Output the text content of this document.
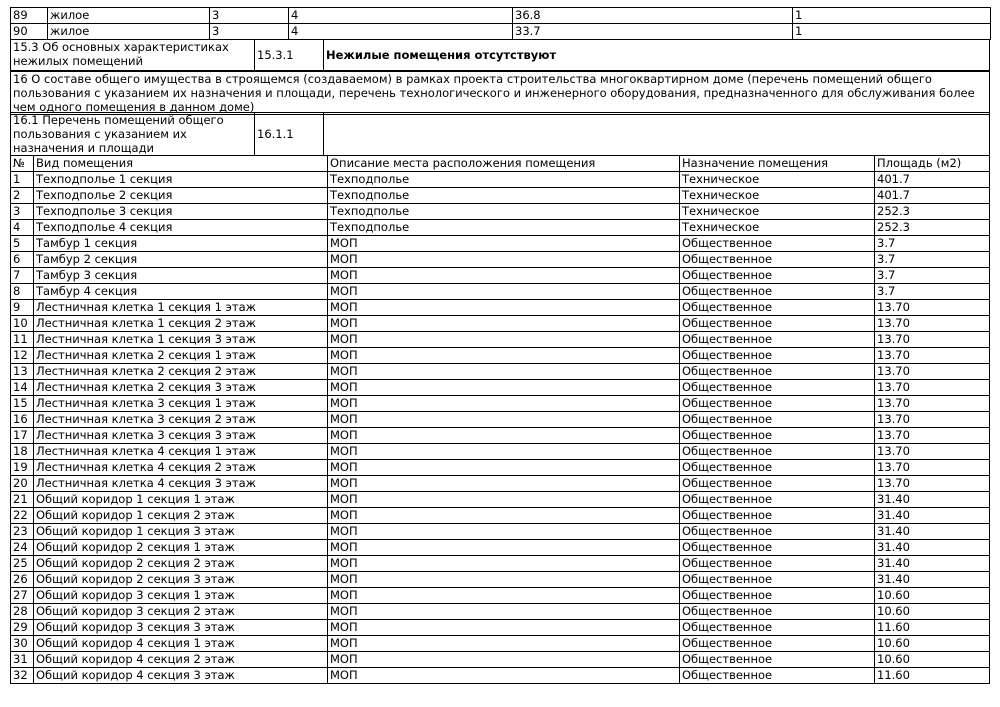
89	жилое	3	4	36.8	1
90	жилое	3	4	33.7	1
15.3 Об основных характеристиках нежилых помещений	15.3.1	Нежилые помещения отсутствуют
16 О составе общего имущества в строящемся (создаваемом) в рамках проекта строительства многоквартирном доме (перечень помещений общего пользования с указанием их назначения и площади, перечень технологического и инженерного оборудования, предназначенного для обслуживания более чем одного помещения в данном доме)
16.1 Перечень помещений общего пользования с указанием их назначения и площади	16.1.1	
№	Вид помещения	Описание места расположения помещения	Назначение помещения	Площадь (м2)
1	Техподполье 1 секция	Техподполье	Техническое	401.7
2	Техподполье 2 секция	Техподполье	Техническое	401.7
3	Техподполье 3 секция	Техподполье	Техническое	252.3
4	Техподполье 4 секция	Техподполье	Техническое	252.3
5	Тамбур 1 секция	МОП	Общественное	3.7
6	Тамбур 2 секция	МОП	Общественное	3.7
7	Тамбур 3 секция	МОП	Общественное	3.7
8	Тамбур 4 секция	МОП	Общественное	3.7
9	Лестничная клетка 1 секция 1 этаж	МОП	Общественное	13.70
10	Лестничная клетка 1 секция 2 этаж	МОП	Общественное	13.70
11	Лестничная клетка 1 секция 3 этаж	МОП	Общественное	13.70
12	Лестничная клетка 2 секция 1 этаж	МОП	Общественное	13.70
13	Лестничная клетка 2 секция 2 этаж	МОП	Общественное	13.70
14	Лестничная клетка 2 секция 3 этаж	МОП	Общественное	13.70
15	Лестничная клетка 3 секция 1 этаж	МОП	Общественное	13.70
16	Лестничная клетка 3 секция 2 этаж	МОП	Общественное	13.70
17	Лестничная клетка 3 секция 3 этаж	МОП	Общественное	13.70
18	Лестничная клетка 4 секция 1 этаж	МОП	Общественное	13.70
19	Лестничная клетка 4 секция 2 этаж	МОП	Общественное	13.70
20	Лестничная клетка 4 секция 3 этаж	МОП	Общественное	13.70
21	Общий коридор 1 секция 1 этаж	МОП	Общественное	31.40
22	Общий коридор 1 секция 2 этаж	МОП	Общественное	31.40
23	Общий коридор 1 секция 3 этаж	МОП	Общественное	31.40
24	Общий коридор 2 секция 1 этаж	МОП	Общественное	31.40
25	Общий коридор 2 секция 2 этаж	МОП	Общественное	31.40
26	Общий коридор 2 секция 3 этаж	МОП	Общественное	31.40
27	Общий коридор 3 секция 1 этаж	МОП	Общественное	10.60
28	Общий коридор 3 секция 2 этаж	МОП	Общественное	10.60
29	Общий коридор 3 секция 3 этаж	МОП	Общественное	11.60
30	Общий коридор 4 секция 1 этаж	МОП	Общественное	10.60
31	Общий коридор 4 секция 2 этаж	МОП	Общественное	10.60
32	Общий коридор 4 секция 3 этаж	МОП	Общественное	11.60
